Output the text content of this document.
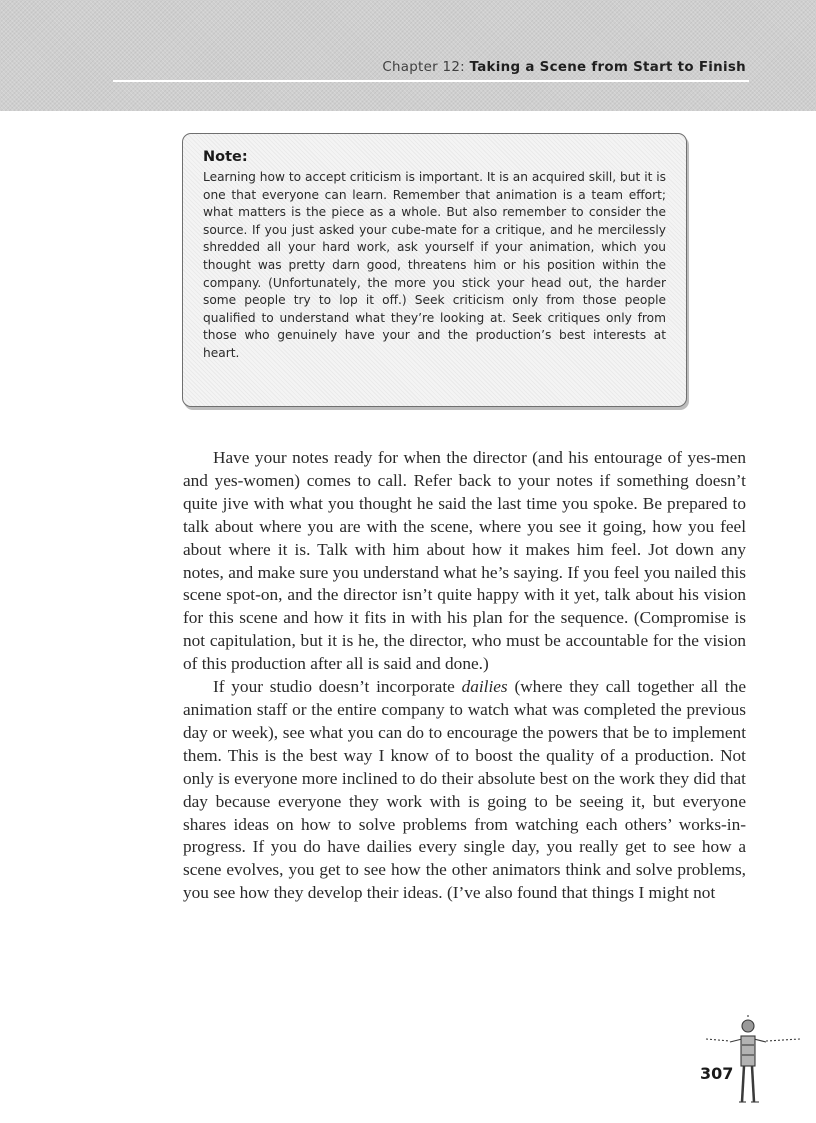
Chapter 12: Taking a Scene from Start to Finish

Note:

Learning how to accept criticism is important. It is an acquired skill, but it is one that everyone can learn. Remember that animation is a team effort; what matters is the piece as a whole. But also remember to consider the source. If you just asked your cube-mate for a critique, and he mercilessly shredded all your hard work, ask yourself if your animation, which you thought was pretty darn good, threatens him or his position within the company. (Unfortunately, the more you stick your head out, the harder some people try to lop it off.) Seek criticism only from those people qualified to understand what they’re looking at. Seek critiques only from those who genuinely have your and the production’s best interests at heart.

Have your notes ready for when the director (and his entourage of yes-men and yes-women) comes to call. Refer back to your notes if something doesn’t quite jive with what you thought he said the last time you spoke. Be prepared to talk about where you are with the scene, where you see it going, how you feel about where it is. Talk with him about how it makes him feel. Jot down any notes, and make sure you understand what he’s saying. If you feel you nailed this scene spot-on, and the director isn’t quite happy with it yet, talk about his vision for this scene and how it fits in with his plan for the sequence. (Compromise is not capitulation, but it is he, the director, who must be accountable for the vision of this production after all is said and done.)

If your studio doesn’t incorporate dailies (where they call together all the animation staff or the entire company to watch what was completed the previous day or week), see what you can do to encourage the powers that be to implement them. This is the best way I know of to boost the quality of a production. Not only is everyone more inclined to do their absolute best on the work they did that day because everyone they work with is going to be seeing it, but everyone shares ideas on how to solve problems from watching each others’ works-in-progress. If you do have dailies every single day, you really get to see how a scene evolves, you get to see how the other animators think and solve problems, you see how they develop their ideas. (I’ve also found that things I might not

307
